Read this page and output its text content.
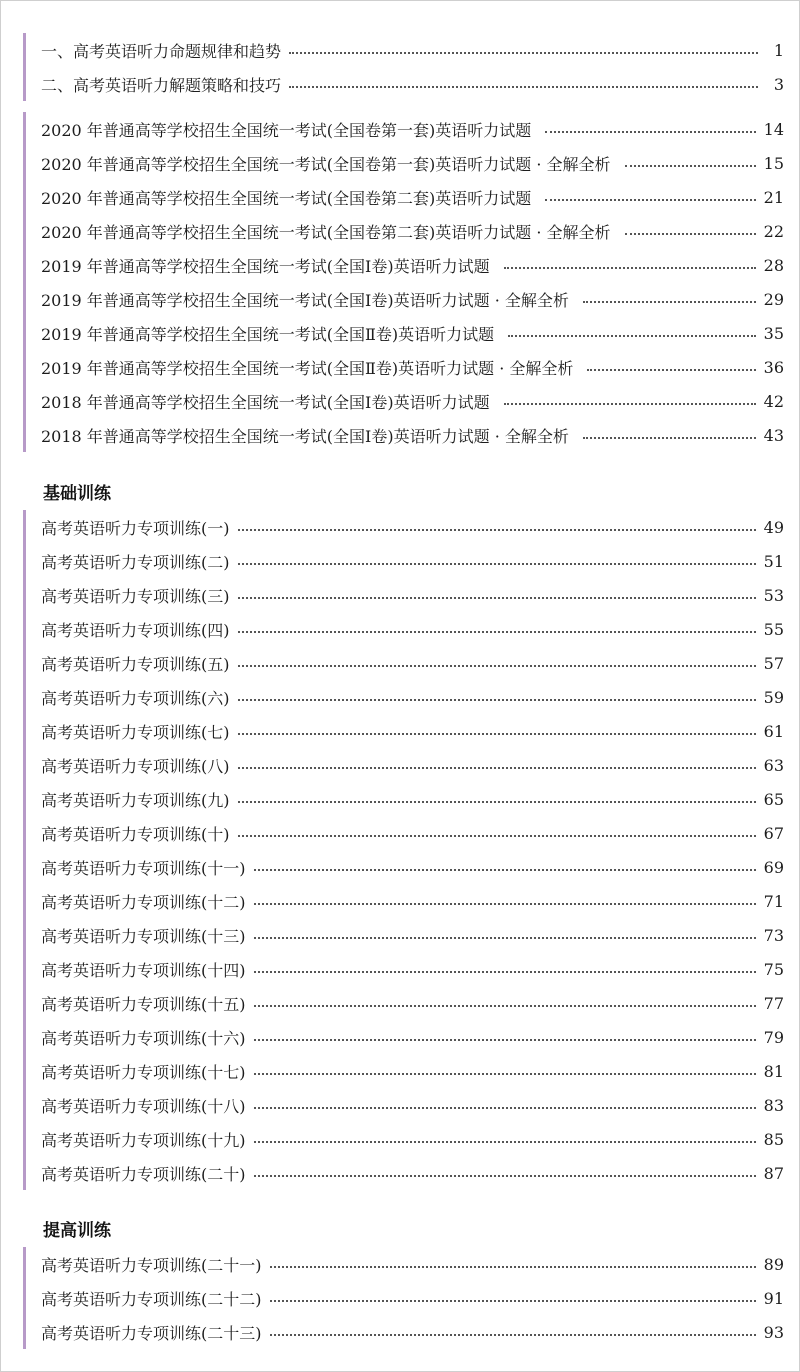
一、高考英语听力命题规律和趋势	1
二、高考英语听力解题策略和技巧	3
2020 年普通高等学校招生全国统一考试(全国卷第一套)英语听力试题	14
2020 年普通高等学校招生全国统一考试(全国卷第一套)英语听力试题 · 全解全析	15
2020 年普通高等学校招生全国统一考试(全国卷第二套)英语听力试题	21
2020 年普通高等学校招生全国统一考试(全国卷第二套)英语听力试题 · 全解全析	22
2019 年普通高等学校招生全国统一考试(全国Ⅰ卷)英语听力试题	28
2019 年普通高等学校招生全国统一考试(全国Ⅰ卷)英语听力试题 · 全解全析	29
2019 年普通高等学校招生全国统一考试(全国Ⅱ卷)英语听力试题	35
2019 年普通高等学校招生全国统一考试(全国Ⅱ卷)英语听力试题 · 全解全析	36
2018 年普通高等学校招生全国统一考试(全国Ⅰ卷)英语听力试题	42
2018 年普通高等学校招生全国统一考试(全国Ⅰ卷)英语听力试题 · 全解全析	43
基础训练
高考英语听力专项训练(一)	49
高考英语听力专项训练(二)	51
高考英语听力专项训练(三)	53
高考英语听力专项训练(四)	55
高考英语听力专项训练(五)	57
高考英语听力专项训练(六)	59
高考英语听力专项训练(七)	61
高考英语听力专项训练(八)	63
高考英语听力专项训练(九)	65
高考英语听力专项训练(十)	67
高考英语听力专项训练(十一)	69
高考英语听力专项训练(十二)	71
高考英语听力专项训练(十三)	73
高考英语听力专项训练(十四)	75
高考英语听力专项训练(十五)	77
高考英语听力专项训练(十六)	79
高考英语听力专项训练(十七)	81
高考英语听力专项训练(十八)	83
高考英语听力专项训练(十九)	85
高考英语听力专项训练(二十)	87
提高训练
高考英语听力专项训练(二十一)	89
高考英语听力专项训练(二十二)	91
高考英语听力专项训练(二十三)	93
